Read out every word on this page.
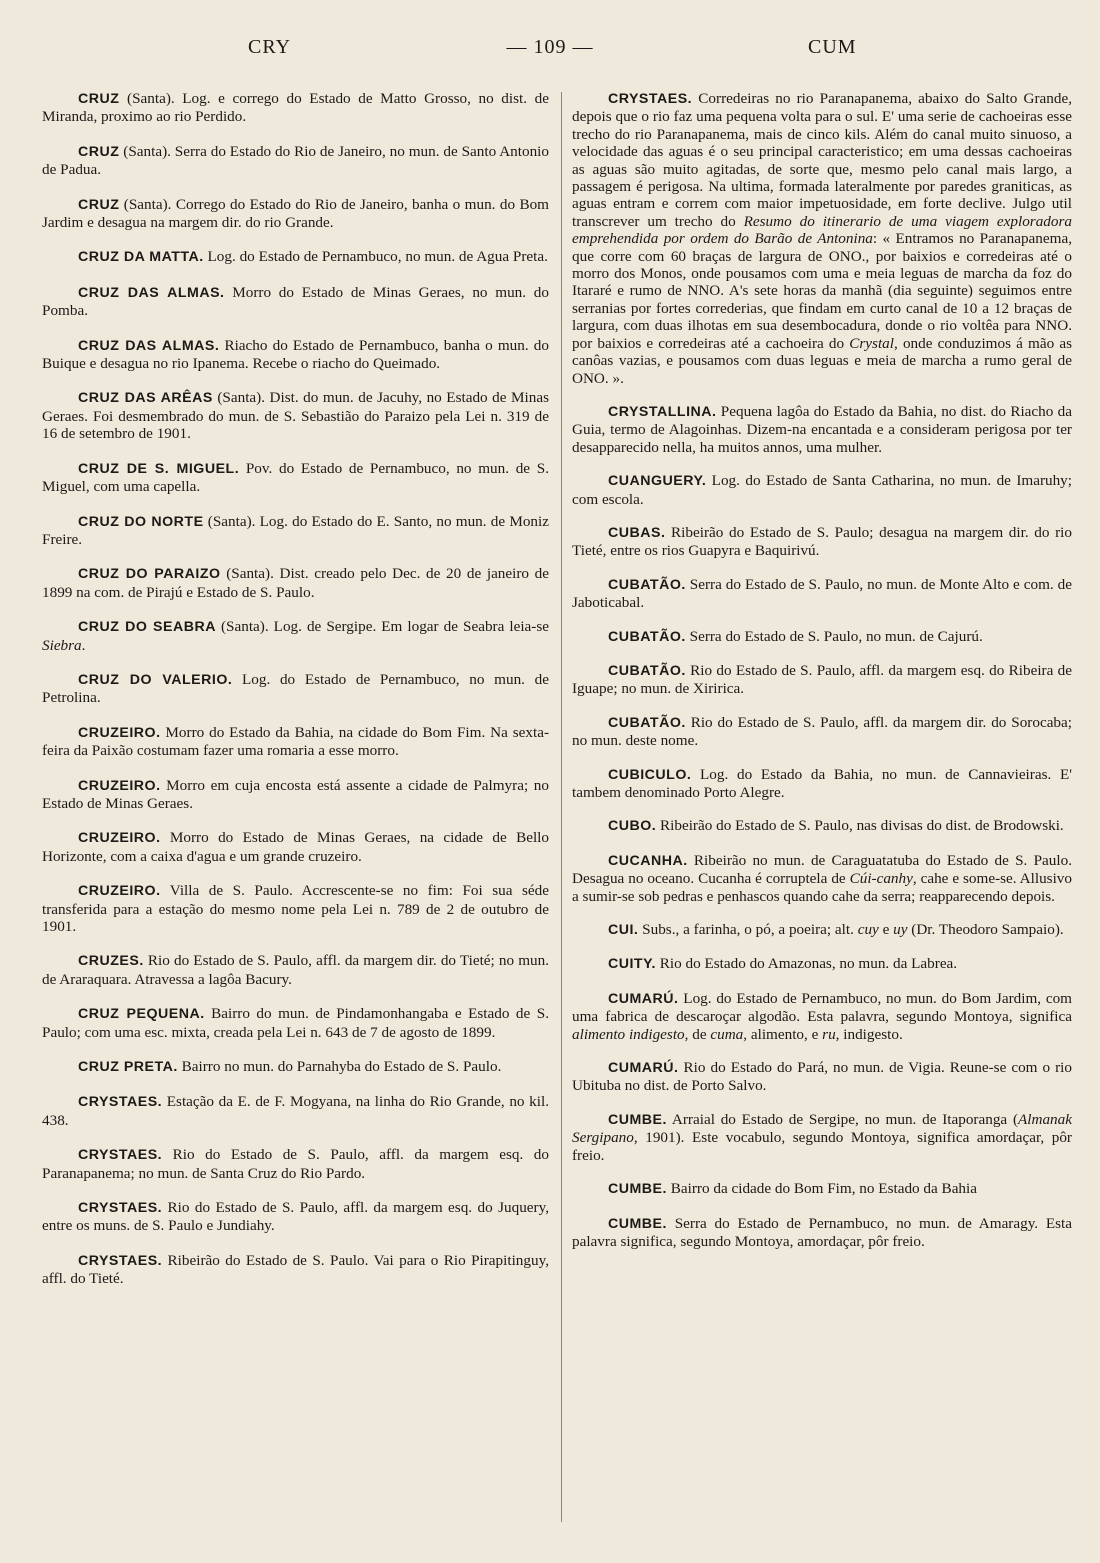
— 109 —
CRY	CUM

CRUZ (Santa). Log. e corrego do Estado de Matto Grosso, no dist. de Miranda, proximo ao rio Perdido.

CRUZ (Santa). Serra do Estado do Rio de Janeiro, no mun. de Santo Antonio de Padua.

CRUZ (Santa). Corrego do Estado do Rio de Janeiro, banha o mun. do Bom Jardim e desagua na margem dir. do rio Grande.

CRUZ DA MATTA. Log. do Estado de Pernambuco, no mun. de Agua Preta.

CRUZ DAS ALMAS. Morro do Estado de Minas Geraes, no mun. do Pomba.

CRUZ DAS ALMAS. Riacho do Estado de Pernambuco, banha o mun. do Buique e desagua no rio Ipanema. Recebe o riacho do Queimado.

CRUZ DAS ARÊAS (Santa). Dist. do mun. de Jacuhy, no Estado de Minas Geraes. Foi desmembrado do mun. de S. Sebastião do Paraizo pela Lei n. 319 de 16 de setembro de 1901.

CRUZ DE S. MIGUEL. Pov. do Estado de Pernambuco, no mun. de S. Miguel, com uma capella.

CRUZ DO NORTE (Santa). Log. do Estado do E. Santo, no mun. de Moniz Freire.

CRUZ DO PARAIZO (Santa). Dist. creado pelo Dec. de 20 de janeiro de 1899 na com. de Pirajú e Estado de S. Paulo.

CRUZ DO SEABRA (Santa). Log. de Sergipe. Em logar de Seabra leia-se Siebra.

CRUZ DO VALERIO. Log. do Estado de Pernambuco, no mun. de Petrolina.

CRUZEIRO. Morro do Estado da Bahia, na cidade do Bom Fim. Na sexta-feira da Paixão costumam fazer uma romaria a esse morro.

CRUZEIRO. Morro em cuja encosta está assente a cidade de Palmyra; no Estado de Minas Geraes.

CRUZEIRO. Morro do Estado de Minas Geraes, na cidade de Bello Horizonte, com a caixa d'agua e um grande cruzeiro.

CRUZEIRO. Villa de S. Paulo. Accrescente-se no fim: Foi sua séde transferida para a estação do mesmo nome pela Lei n. 789 de 2 de outubro de 1901.

CRUZES. Rio do Estado de S. Paulo, affl. da margem dir. do Tieté; no mun. de Araraquara. Atravessa a lagôa Bacury.

CRUZ PEQUENA. Bairro do mun. de Pindamonhangaba e Estado de S. Paulo; com uma esc. mixta, creada pela Lei n. 643 de 7 de agosto de 1899.

CRUZ PRETA. Bairro no mun. do Parnahyba do Estado de S. Paulo.

CRYSTAES. Estação da E. de F. Mogyana, na linha do Rio Grande, no kil. 438.

CRYSTAES. Rio do Estado de S. Paulo, affl. da margem esq. do Paranapanema; no mun. de Santa Cruz do Rio Pardo.

CRYSTAES. Rio do Estado de S. Paulo, affl. da margem esq. do Juquery, entre os muns. de S. Paulo e Jundiahy.

CRYSTAES. Ribeirão do Estado de S. Paulo. Vai para o Rio Pirapitinguy, affl. do Tieté.

CRYSTAES. Corredeiras no rio Paranapanema, abaixo do Salto Grande, depois que o rio faz uma pequena volta para o sul. E' uma serie de cachoeiras esse trecho do rio Paranapanema, mais de cinco kils. Além do canal muito sinuoso, a velocidade das aguas é o seu principal caracteristico; em uma dessas cachoeiras as aguas são muito agitadas, de sorte que, mesmo pelo canal mais largo, a passagem é perigosa. Na ultima, formada lateralmente por paredes graniticas, as aguas entram e correm com maior impetuosidade, em forte declive. Julgo util transcrever um trecho do Resumo do itinerario de uma viagem exploradora emprehendida por ordem do Barão de Antonina: « Entramos no Paranapanema, que corre com 60 braças de largura de ONO., por baixios e corredeiras até o morro dos Monos, onde pousamos com uma e meia leguas de marcha da foz do Itararé e rumo de NNO. A's sete horas da manhã (dia seguinte) seguimos entre serranias por fortes correderias, que findam em curto canal de 10 a 12 braças de largura, com duas ilhotas em sua desembocadura, donde o rio voltêa para NNO. por baixios e corredeiras até a cachoeira do Crystal, onde conduzimos á mão as canôas vazias, e pousamos com duas leguas e meia de marcha a rumo geral de ONO. ».

CRYSTALLINA. Pequena lagôa do Estado da Bahia, no dist. do Riacho da Guia, termo de Alagoinhas. Dizem-na encantada e a consideram perigosa por ter desapparecido nella, ha muitos annos, uma mulher.

CUANGUERY. Log. do Estado de Santa Catharina, no mun. de Imaruhy; com escola.

CUBAS. Ribeirão do Estado de S. Paulo; desagua na margem dir. do rio Tieté, entre os rios Guapyra e Baquirivú.

CUBATÃO. Serra do Estado de S. Paulo, no mun. de Monte Alto e com. de Jaboticabal.

CUBATÃO. Serra do Estado de S. Paulo, no mun. de Cajurú.

CUBATÃO. Rio do Estado de S. Paulo, affl. da margem esq. do Ribeira de Iguape; no mun. de Xiririca.

CUBATÃO. Rio do Estado de S. Paulo, affl. da margem dir. do Sorocaba; no mun. deste nome.

CUBICULO. Log. do Estado da Bahia, no mun. de Cannavieiras. E' tambem denominado Porto Alegre.

CUBO. Ribeirão do Estado de S. Paulo, nas divisas do dist. de Brodowski.

CUCANHA. Ribeirão no mun. de Caraguatatuba do Estado de S. Paulo. Desagua no oceano. Cucanha é corruptela de Cúi-canhy, cahe e some-se. Allusivo a sumir-se sob pedras e penhascos quando cahe da serra; reapparecendo depois.

CUI. Subs., a farinha, o pó, a poeira; alt. cuy e uy (Dr. Theodoro Sampaio).

CUITY. Rio do Estado do Amazonas, no mun. da Labrea.

CUMARÚ. Log. do Estado de Pernambuco, no mun. do Bom Jardim, com uma fabrica de descaroçar algodão. Esta palavra, segundo Montoya, significa alimento indigesto, de cuma, alimento, e ru, indigesto.

CUMARÚ. Rio do Estado do Pará, no mun. de Vigia. Reune-se com o rio Ubituba no dist. de Porto Salvo.

CUMBE. Arraial do Estado de Sergipe, no mun. de Itaporanga (Almanak Sergipano, 1901). Este vocabulo, segundo Montoya, significa amordaçar, pôr freio.

CUMBE. Bairro da cidade do Bom Fim, no Estado da Bahia

CUMBE. Serra do Estado de Pernambuco, no mun. de Amaragy. Esta palavra significa, segundo Montoya, amordaçar, pôr freio.
